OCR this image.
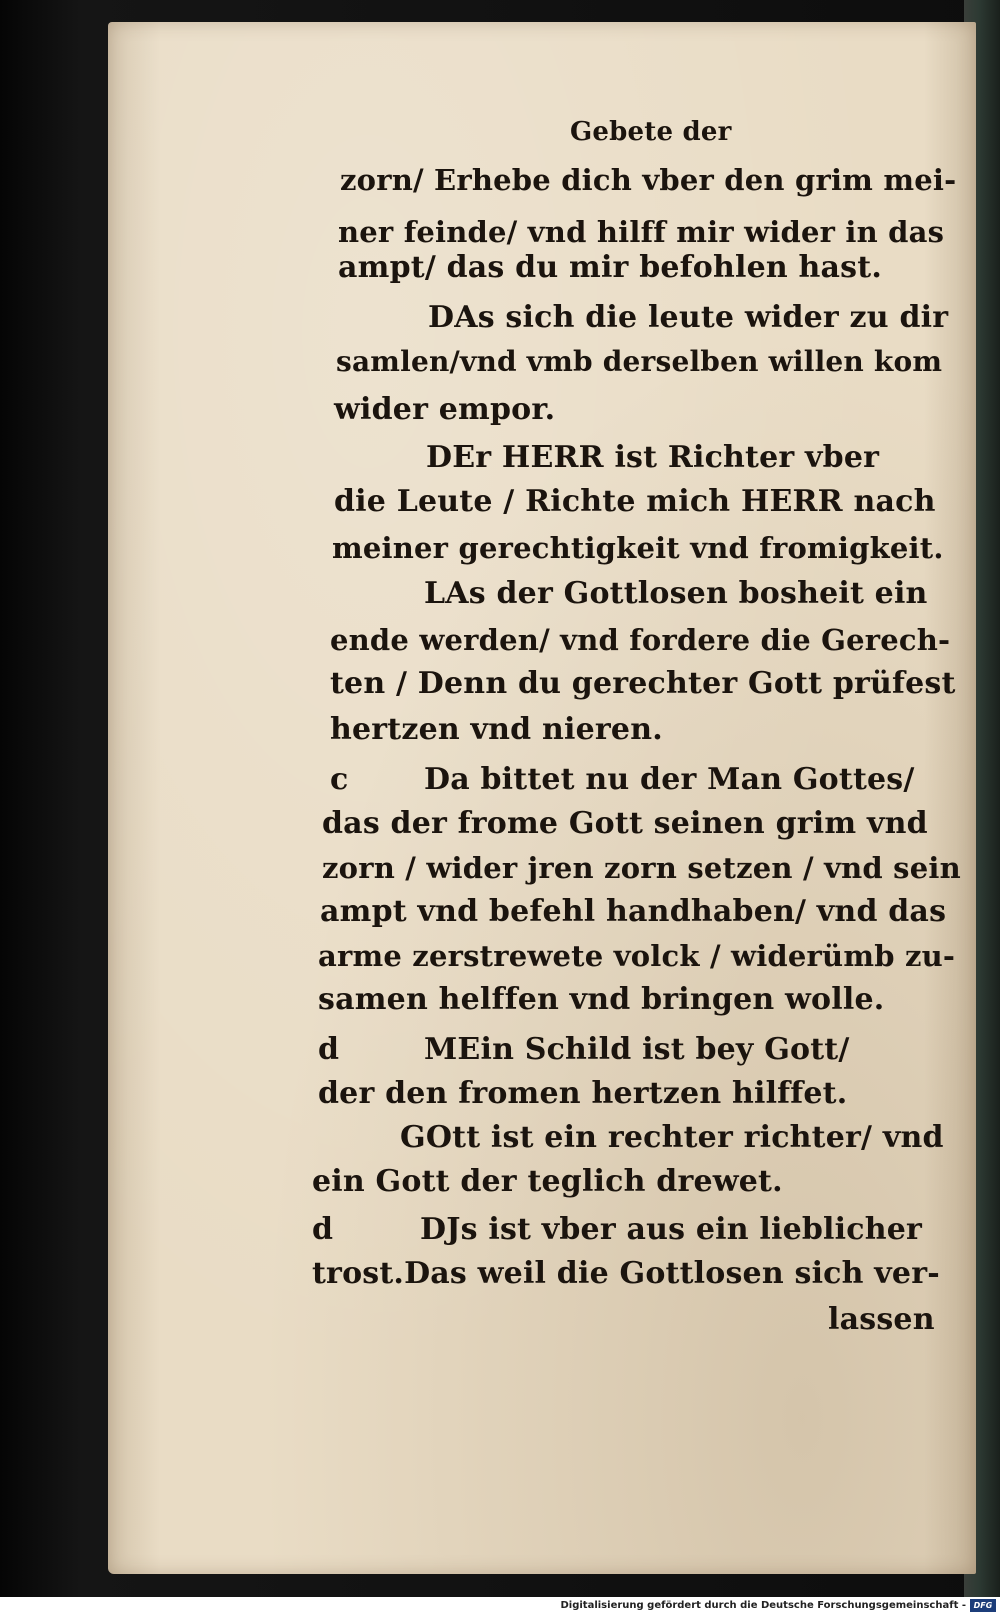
Gebete der
zorn/ Erhebe dich vber den grim mei-
ner feinde/ vnd hilff mir wider in das
ampt/ das du mir befohlen hast.
DAs sich die leute wider zu dir
samlen/vnd vmb derselben willen kom
wider empor.
DEr HERR ist Richter vber
die Leute / Richte mich HERR nach
meiner gerechtigkeit vnd fromigkeit.
LAs der Gottlosen bosheit ein
ende werden/ vnd fordere die Gerech-
ten / Denn du gerechter Gott prüfest
hertzen vnd nieren.
c	Da bittet nu der Man Gottes/
das der frome Gott seinen grim vnd
zorn / wider jren zorn setzen / vnd sein
ampt vnd befehl handhaben/ vnd das
arme zerstrewete volck / widerümb zu-
samen helffen vnd bringen wolle.
d	MEin Schild ist bey Gott/
der den fromen hertzen hilffet.
GOtt ist ein rechter richter/ vnd
ein Gott der teglich drewet.
d	DJs ist vber aus ein lieblicher
trost.Das weil die Gottlosen sich ver-
lassen
Digitalisierung gefördert durch die Deutsche Forschungsgemeinschaft - DFG
